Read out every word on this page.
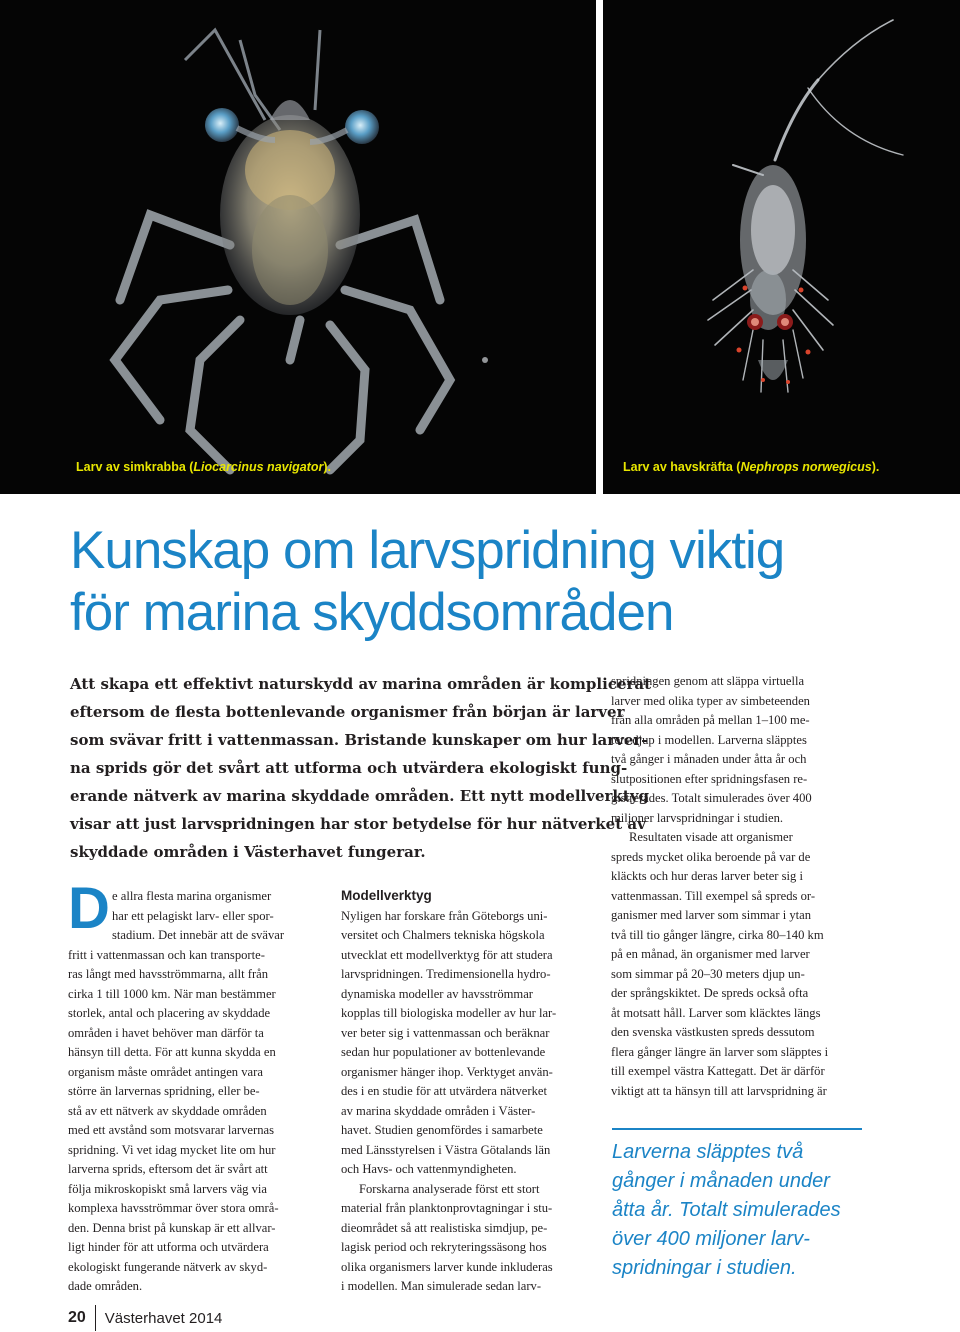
Larv av simkrabba (Liocarcinus navigator).	Larv av havskräfta (Nephrops norwegicus).
Kunskap om larvspridning viktig
för marina skyddsområden

Att skapa ett effektivt naturskydd av marina områden är komplicerat
eftersom de flesta bottenlevande organismer från början är larver
som svävar fritt i vattenmassan. Bristande kunskaper om hur larver-
na sprids gör det svårt att utforma och utvärdera ekologiskt fung-
erande nätverk av marina skyddade områden. Ett nytt modellverktyg
visar att just larvspridningen har stor betydelse för hur nätverket av
skyddade områden i Västerhavet fungerar.

D e allra flesta marina organismer
har ett pelagiskt larv- eller spor-
stadium. Det innebär att de svävar
fritt i vattenmassan och kan transporte-
ras långt med havsströmmarna, allt från
cirka 1 till 1000 km. När man bestämmer
storlek, antal och placering av skyddade
områden i havet behöver man därför ta
hänsyn till detta. För att kunna skydda en
organism måste området antingen vara
större än larvernas spridning, eller be-
stå av ett nätverk av skyddade områden
med ett avstånd som motsvarar larvernas
spridning. Vi vet idag mycket lite om hur
larverna sprids, eftersom det är svårt att
följa mikroskopiskt små larvers väg via
komplexa havsströmmar över stora områ-
den. Denna brist på kunskap är ett allvar-
ligt hinder för att utforma och utvärdera
ekologiskt fungerande nätverk av skyd-
dade områden.
Modellverktyg
Nyligen har forskare från Göteborgs uni-
versitet och Chalmers tekniska högskola
utvecklat ett modellverktyg för att studera
larvspridningen. Tredimensionella hydro-
dynamiska modeller av havsströmmar
kopplas till biologiska modeller av hur lar-
ver beter sig i vattenmassan och beräknar
sedan hur populationer av bottenlevande
organismer hänger ihop. Verktyget använ-
des i en studie för att utvärdera nätverket
av marina skyddade områden i Väster-
havet. Studien genomfördes i samarbete
med Länsstyrelsen i Västra Götalands län
och Havs- och vattenmyndigheten.
Forskarna analyserade först ett stort
material från planktonprovtagningar i stu-
dieområdet så att realistiska simdjup, pe-
lagisk period och rekryteringssäsong hos
olika organismers larver kunde inkluderas
i modellen. Man simulerade sedan larv-
spridningen genom att släppa virtuella
larver med olika typer av simbeteenden
från alla områden på mellan 1–100 me-
ters djup i modellen. Larverna släpptes
två gånger i månaden under åtta år och
slutpositionen efter spridningsfasen re-
gistrerades. Totalt simulerades över 400
miljoner larvspridningar i studien.
Resultaten visade att organismer
spreds mycket olika beroende på var de
kläckts och hur deras larver beter sig i
vattenmassan. Till exempel så spreds or-
ganismer med larver som simmar i ytan
två till tio gånger längre, cirka 80–140 km
på en månad, än organismer med larver
som simmar på 20–30 meters djup un-
der språngskiktet. De spreds också ofta
åt motsatt håll. Larver som kläcktes längs
den svenska västkusten spreds dessutom
flera gånger längre än larver som släpptes i
till exempel västra Kattegatt. Det är därför
viktigt att ta hänsyn till att larvspridning är
Larverna släpptes två
gånger i månaden under
åtta år. Totalt simulerades
över 400 miljoner larv-
spridningar i studien.
20	Västerhavet 2014
